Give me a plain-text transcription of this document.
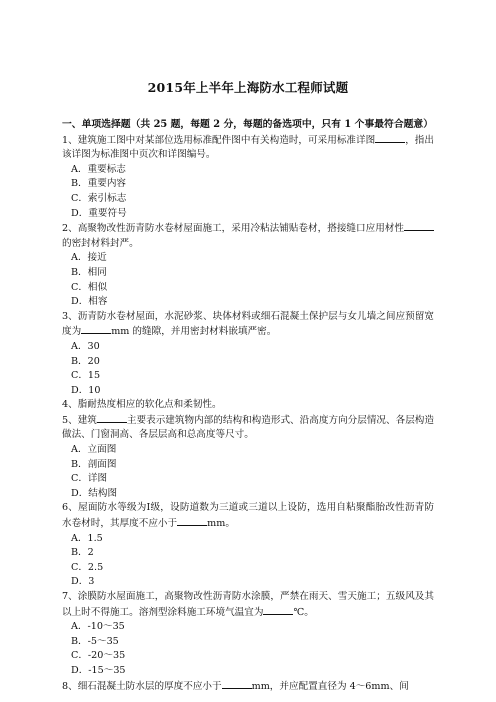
2015年上半年上海防水工程师试题
一、单项选择题（共 25 题，每题 2 分，每题的备选项中，只有 1 个事最符合题意）
1、建筑施工图中对某部位选用标准配件图中有关构造时，可采用标准详图	，指出该详图为标准图中页次和详图编号。
A．重要标志
B．重要内容
C．索引标志
D．重要符号
2、高聚物改性沥青防水卷材屋面施工，采用冷粘法铺贴卷材，搭接缝口应用材性的密封材料封严。
A．接近
B．相同
C．相似
D．相容
3、沥青防水卷材屋面，水泥砂浆、块体材料或细石混凝土保护层与女儿墙之间应预留宽度为	mm 的缝隙，并用密封材料嵌填严密。
A．30
B．20
C．15
D．10
4、脂耐热度相应的软化点和柔韧性。
5、建筑	主要表示建筑物内部的结构和构造形式、沿高度方向分层情况、各层构造做法、门窗洞高、各层层高和总高度等尺寸。
A．立面图
B．剖面图
C．详图
D．结构图
6、屋面防水等级为Ⅰ级，设防道数为三道或三道以上设防，选用自粘聚酯胎改性沥青防水卷材时，其厚度不应小于	mm。
A．1.5
B．2
C．2.5
D．3
7、涂膜防水屋面施工，高聚物改性沥青防水涂膜，严禁在雨天、雪天施工；五级风及其以上时不得施工。溶剂型涂料施工环境气温宜为	℃。
A．-10～35
B．-5～35
C．-20～35
D．-15～35
8、细石混凝土防水层的厚度不应小于	mm，并应配置直径为 4～6mm、间
